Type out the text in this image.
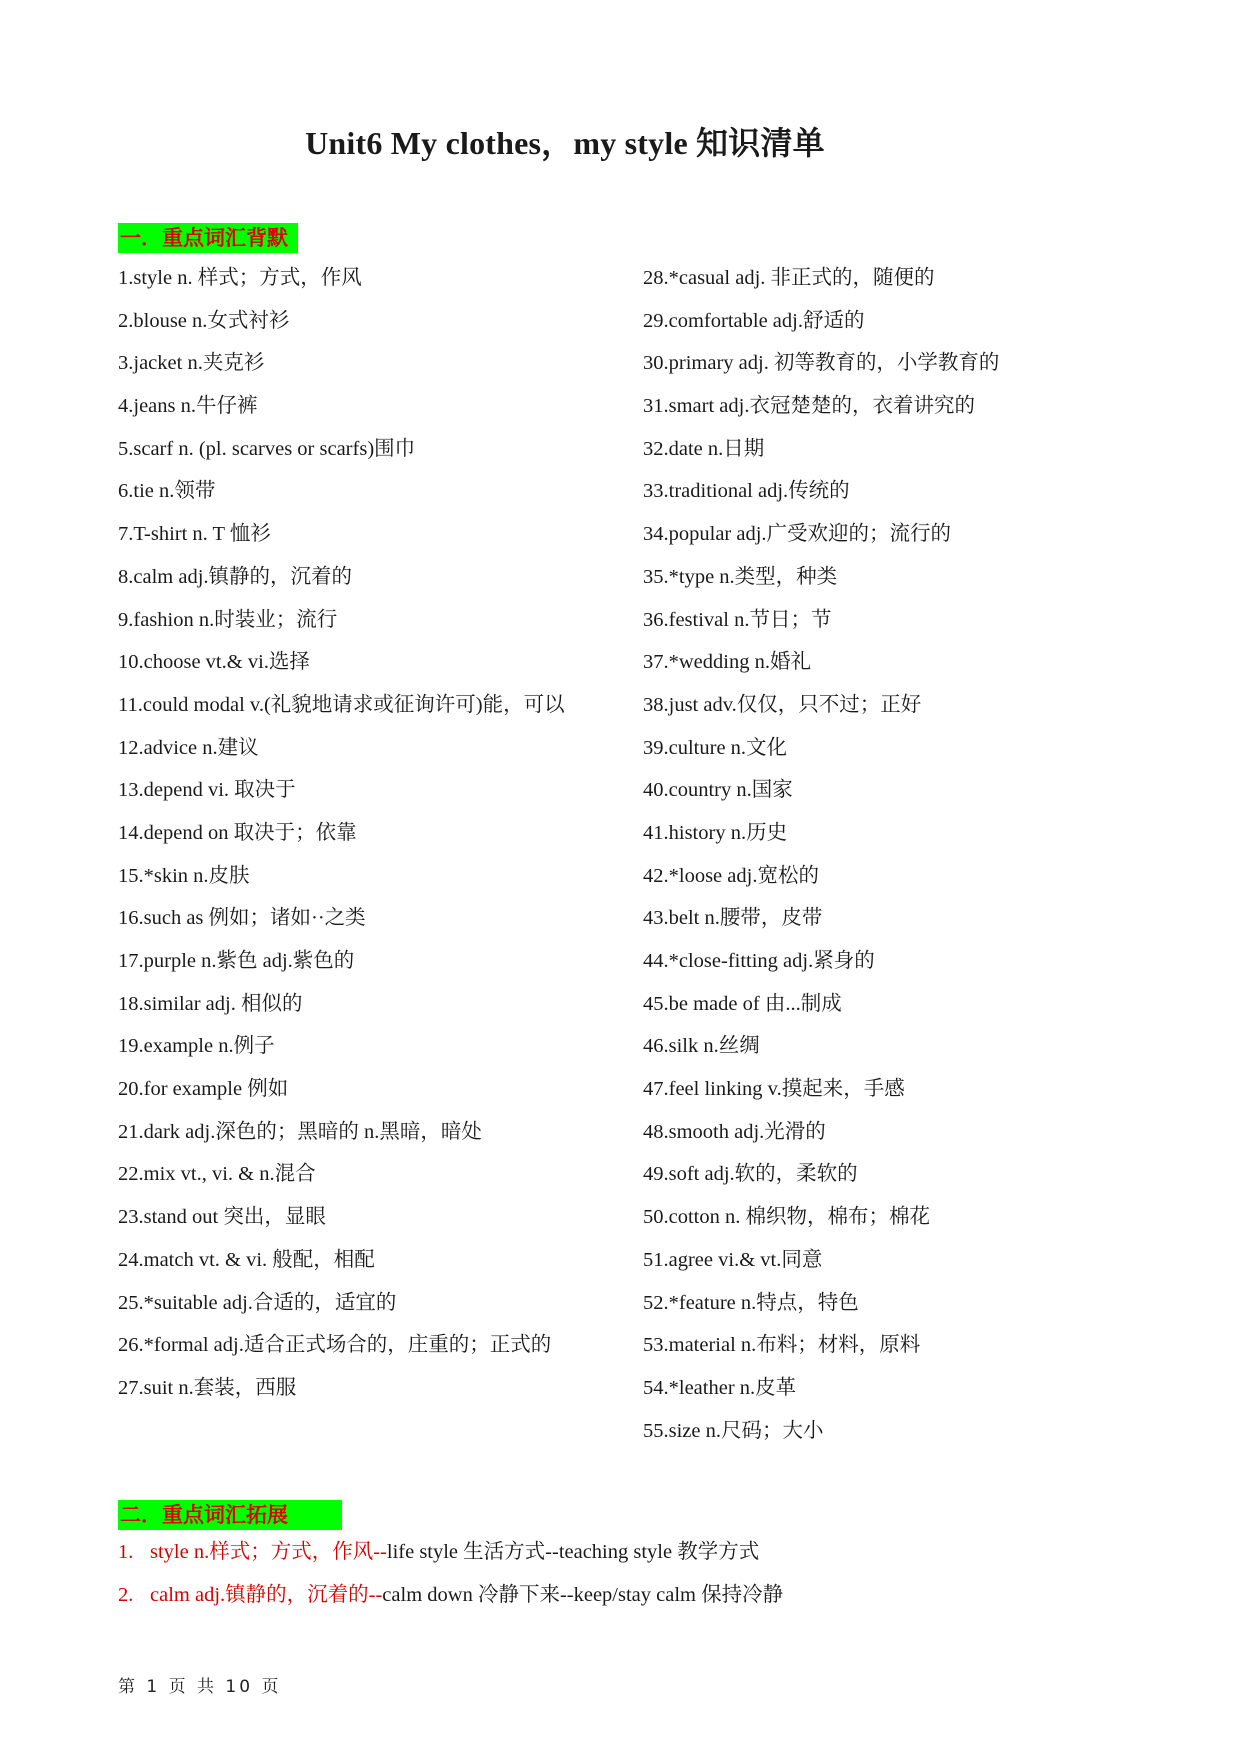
Unit6 My clothes，my style 知识清单
一．重点词汇背默
1.style n. 样式；方式，作风
2.blouse n.女式衬衫
3.jacket n.夹克衫
4.jeans n.牛仔裤
5.scarf n. (pl. scarves or scarfs)围巾
6.tie n.领带
7.T-shirt n. T 恤衫
8.calm adj.镇静的，沉着的
9.fashion n.时装业；流行
10.choose vt.& vi.选择
11.could modal v.(礼貌地请求或征询许可)能，可以
12.advice n.建议
13.depend vi. 取决于
14.depend on 取决于；依靠
15.*skin n.皮肤
16.such as 例如；诸如··之类
17.purple n.紫色 adj.紫色的
18.similar adj. 相似的
19.example n.例子
20.for example 例如
21.dark adj.深色的；黑暗的 n.黑暗，暗处
22.mix vt., vi. & n.混合
23.stand out 突出，显眼
24.match vt. & vi. 般配，相配
25.*suitable adj.合适的，适宜的
26.*formal adj.适合正式场合的，庄重的；正式的
27.suit n.套装，西服
28.*casual adj. 非正式的，随便的
29.comfortable adj.舒适的
30.primary adj. 初等教育的，小学教育的
31.smart adj.衣冠楚楚的，衣着讲究的
32.date n.日期
33.traditional adj.传统的
34.popular adj.广受欢迎的；流行的
35.*type n.类型，种类
36.festival n.节日；节
37.*wedding n.婚礼
38.just adv.仅仅，只不过；正好
39.culture n.文化
40.country n.国家
41.history n.历史
42.*loose adj.宽松的
43.belt n.腰带，皮带
44.*close-fitting adj.紧身的
45.be made of 由...制成
46.silk n.丝绸
47.feel linking v.摸起来，手感
48.smooth adj.光滑的
49.soft adj.软的，柔软的
50.cotton n. 棉织物，棉布；棉花
51.agree vi.& vt.同意
52.*feature n.特点，特色
53.material n.布料；材料，原料
54.*leather n.皮革
55.size n.尺码；大小
二．重点词汇拓展
1. style n.样式；方式，作风--life style 生活方式--teaching style 教学方式
2. calm adj.镇静的，沉着的--calm down 冷静下来--keep/stay calm 保持冷静
第 1 页 共 10 页
